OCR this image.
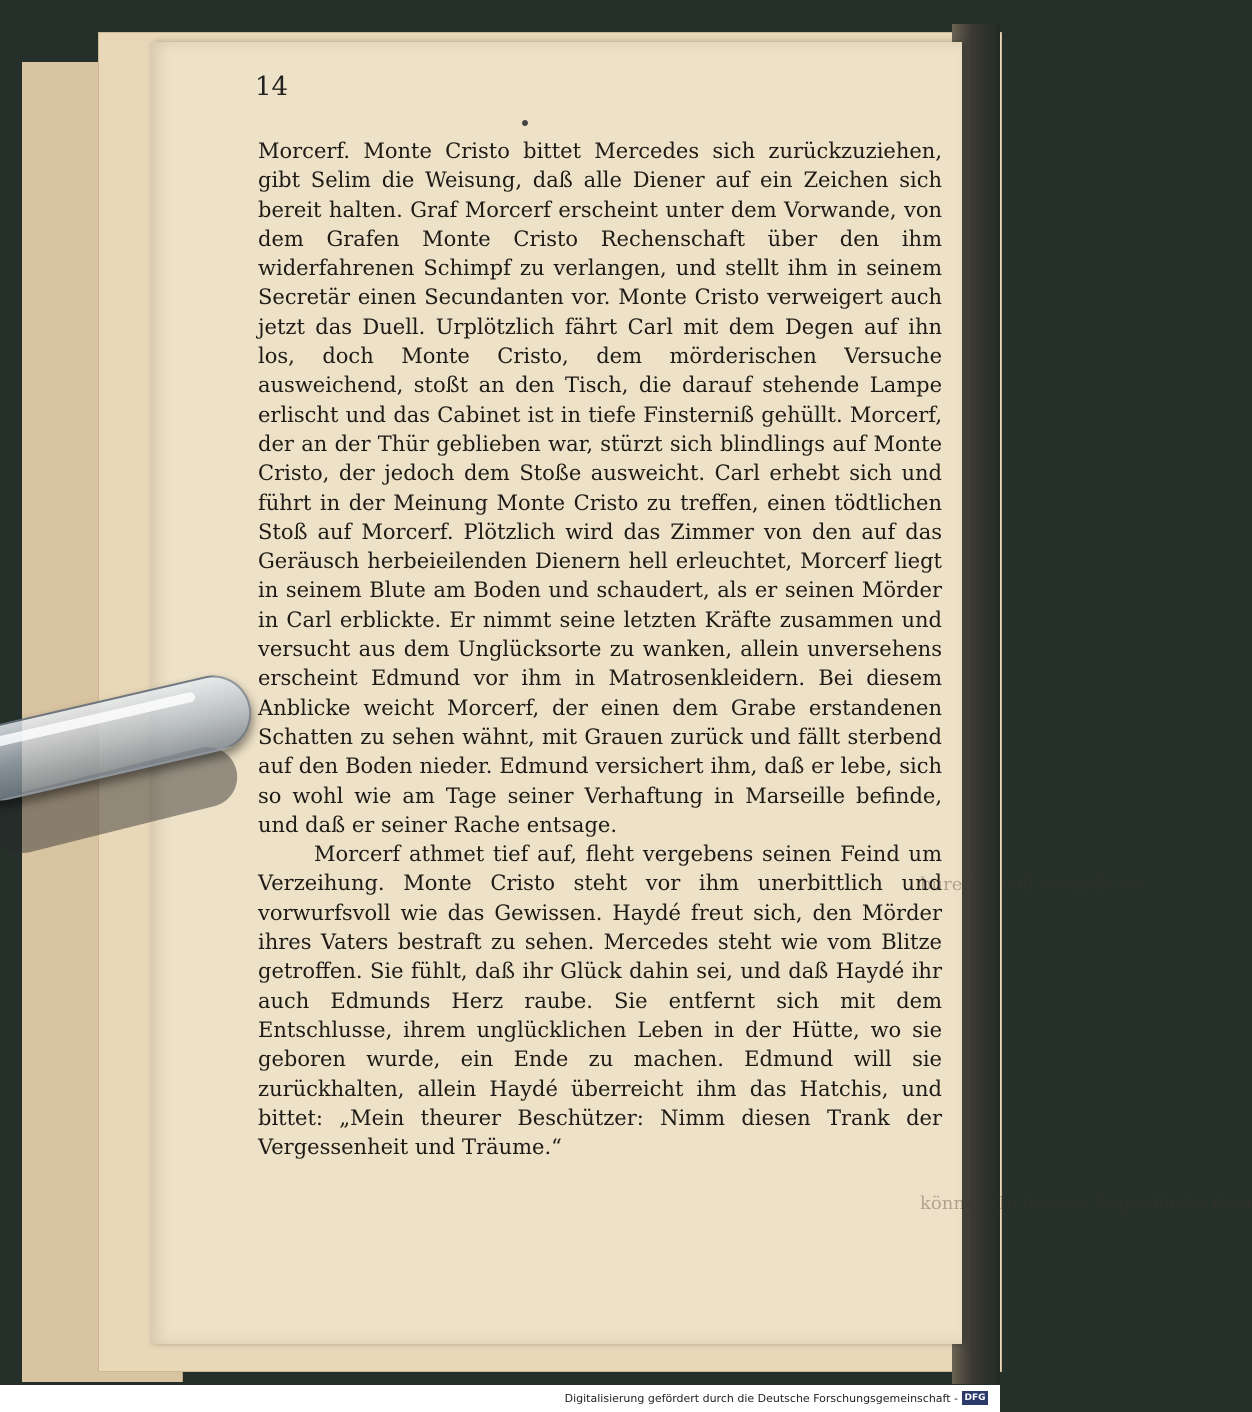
bure. Er will deshalb sie
können. In diesem Augenblicke dem
14

Morcerf. Monte Cristo bittet Mercedes sich zurückzuziehen, gibt Selim die Weisung, daß alle Diener auf ein Zeichen sich bereit halten. Graf Morcerf erscheint unter dem Vorwande, von dem Grafen Monte Cristo Rechenschaft über den ihm widerfahrenen Schimpf zu verlangen, und stellt ihm in seinem Secretär einen Secundanten vor. Monte Cristo verweigert auch jetzt das Duell. Urplötzlich fährt Carl mit dem Degen auf ihn los, doch Monte Cristo, dem mörderischen Versuche ausweichend, stoßt an den Tisch, die darauf stehende Lampe erlischt und das Cabinet ist in tiefe Finsterniß gehüllt. Morcerf, der an der Thür geblieben war, stürzt sich blindlings auf Monte Cristo, der jedoch dem Stoße ausweicht. Carl erhebt sich und führt in der Meinung Monte Cristo zu treffen, einen tödtlichen Stoß auf Morcerf. Plötzlich wird das Zimmer von den auf das Geräusch herbeieilenden Dienern hell erleuchtet, Morcerf liegt in seinem Blute am Boden und schaudert, als er seinen Mörder in Carl erblickte. Er nimmt seine letzten Kräfte zusammen und versucht aus dem Unglücksorte zu wanken, allein unversehens erscheint Edmund vor ihm in Matrosenkleidern. Bei diesem Anblicke weicht Morcerf, der einen dem Grabe erstandenen Schatten zu sehen wähnt, mit Grauen zurück und fällt sterbend auf den Boden nieder. Edmund versichert ihm, daß er lebe, sich so wohl wie am Tage seiner Verhaftung in Marseille befinde, und daß er seiner Rache entsage.

Morcerf athmet tief auf, fleht vergebens seinen Feind um Verzeihung. Monte Cristo steht vor ihm unerbittlich und vorwurfsvoll wie das Gewissen. Haydé freut sich, den Mörder ihres Vaters bestraft zu sehen. Mercedes steht wie vom Blitze getroffen. Sie fühlt, daß ihr Glück dahin sei, und daß Haydé ihr auch Edmunds Herz raube. Sie entfernt sich mit dem Entschlusse, ihrem unglücklichen Leben in der Hütte, wo sie geboren wurde, ein Ende zu machen. Edmund will sie zurückhalten, allein Haydé überreicht ihm das Hatchis, und bittet: „Mein theurer Beschützer: Nimm diesen Trank der Vergessenheit und Träume.“

Digitalisierung gefördert durch die Deutsche Forschungsgemeinschaft - DFG
